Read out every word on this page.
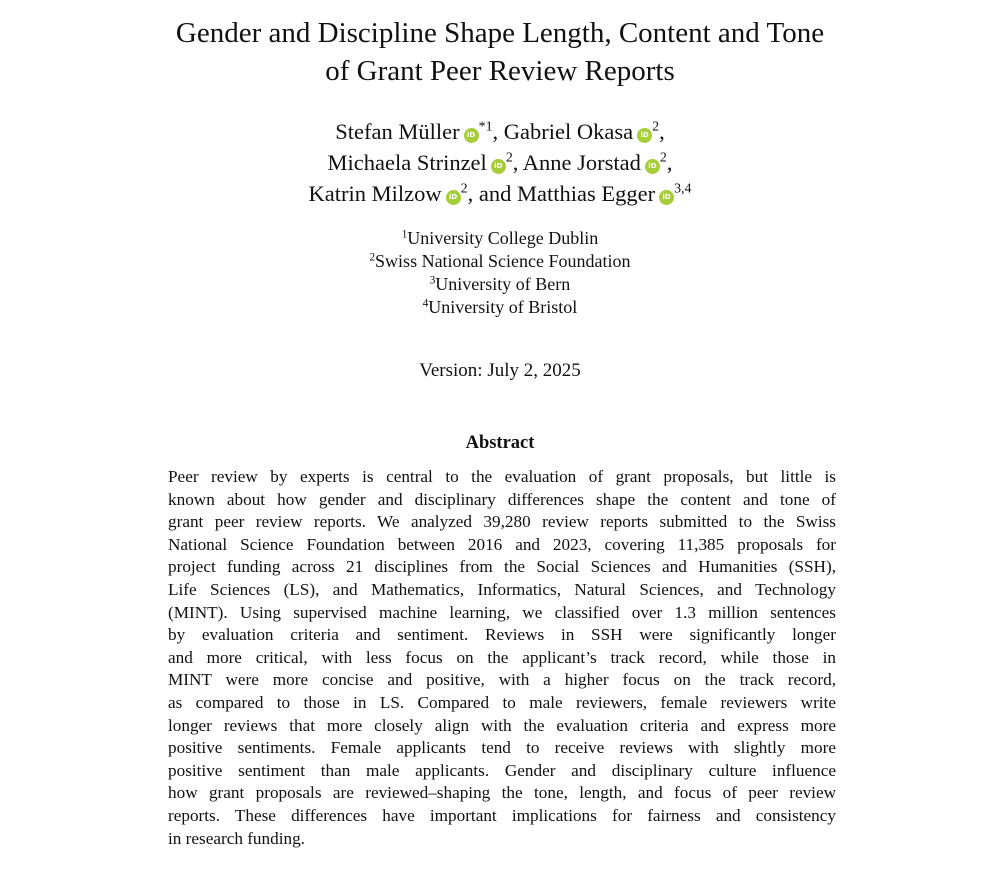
Gender and Discipline Shape Length, Content and Tone
of Grant Peer Review Reports
Stefan Müller $iD^{*1}$, Gabriel Okasa $iD^2$,
Michaela Strinzel $iD^2$, Anne Jorstad $iD^2$,
Katrin Milzow $iD^2$, and Matthias Egger iD$^{3,4}$
$^1$University College Dublin
$^2$Swiss National Science Foundation
$^3$University of Bern
$^4$University of Bristol
Version: July 2, 2025
Abstract
Peer review by experts is central to the evaluation of grant proposals, but little is
known about how gender and disciplinary differences shape the content and tone of
grant peer review reports. We analyzed 39,280 review reports submitted to the Swiss
National Science Foundation between 2016 and 2023, covering 11,385 proposals for
project funding across 21 disciplines from the Social Sciences and Humanities (SSH),
Life Sciences (LS), and Mathematics, Informatics, Natural Sciences, and Technology
(MINT). Using supervised machine learning, we classified over 1.3 million sentences
by evaluation criteria and sentiment. Reviews in SSH were significantly longer
and more critical, with less focus on the applicant’s track record, while those in
MINT were more concise and positive, with a higher focus on the track record,
as compared to those in LS. Compared to male reviewers, female reviewers write
longer reviews that more closely align with the evaluation criteria and express more
positive sentiments. Female applicants tend to receive reviews with slightly more
positive sentiment than male applicants. Gender and disciplinary culture influence
how grant proposals are reviewed–shaping the tone, length, and focus of peer review
reports. These differences have important implications for fairness and consistency
in research funding.
